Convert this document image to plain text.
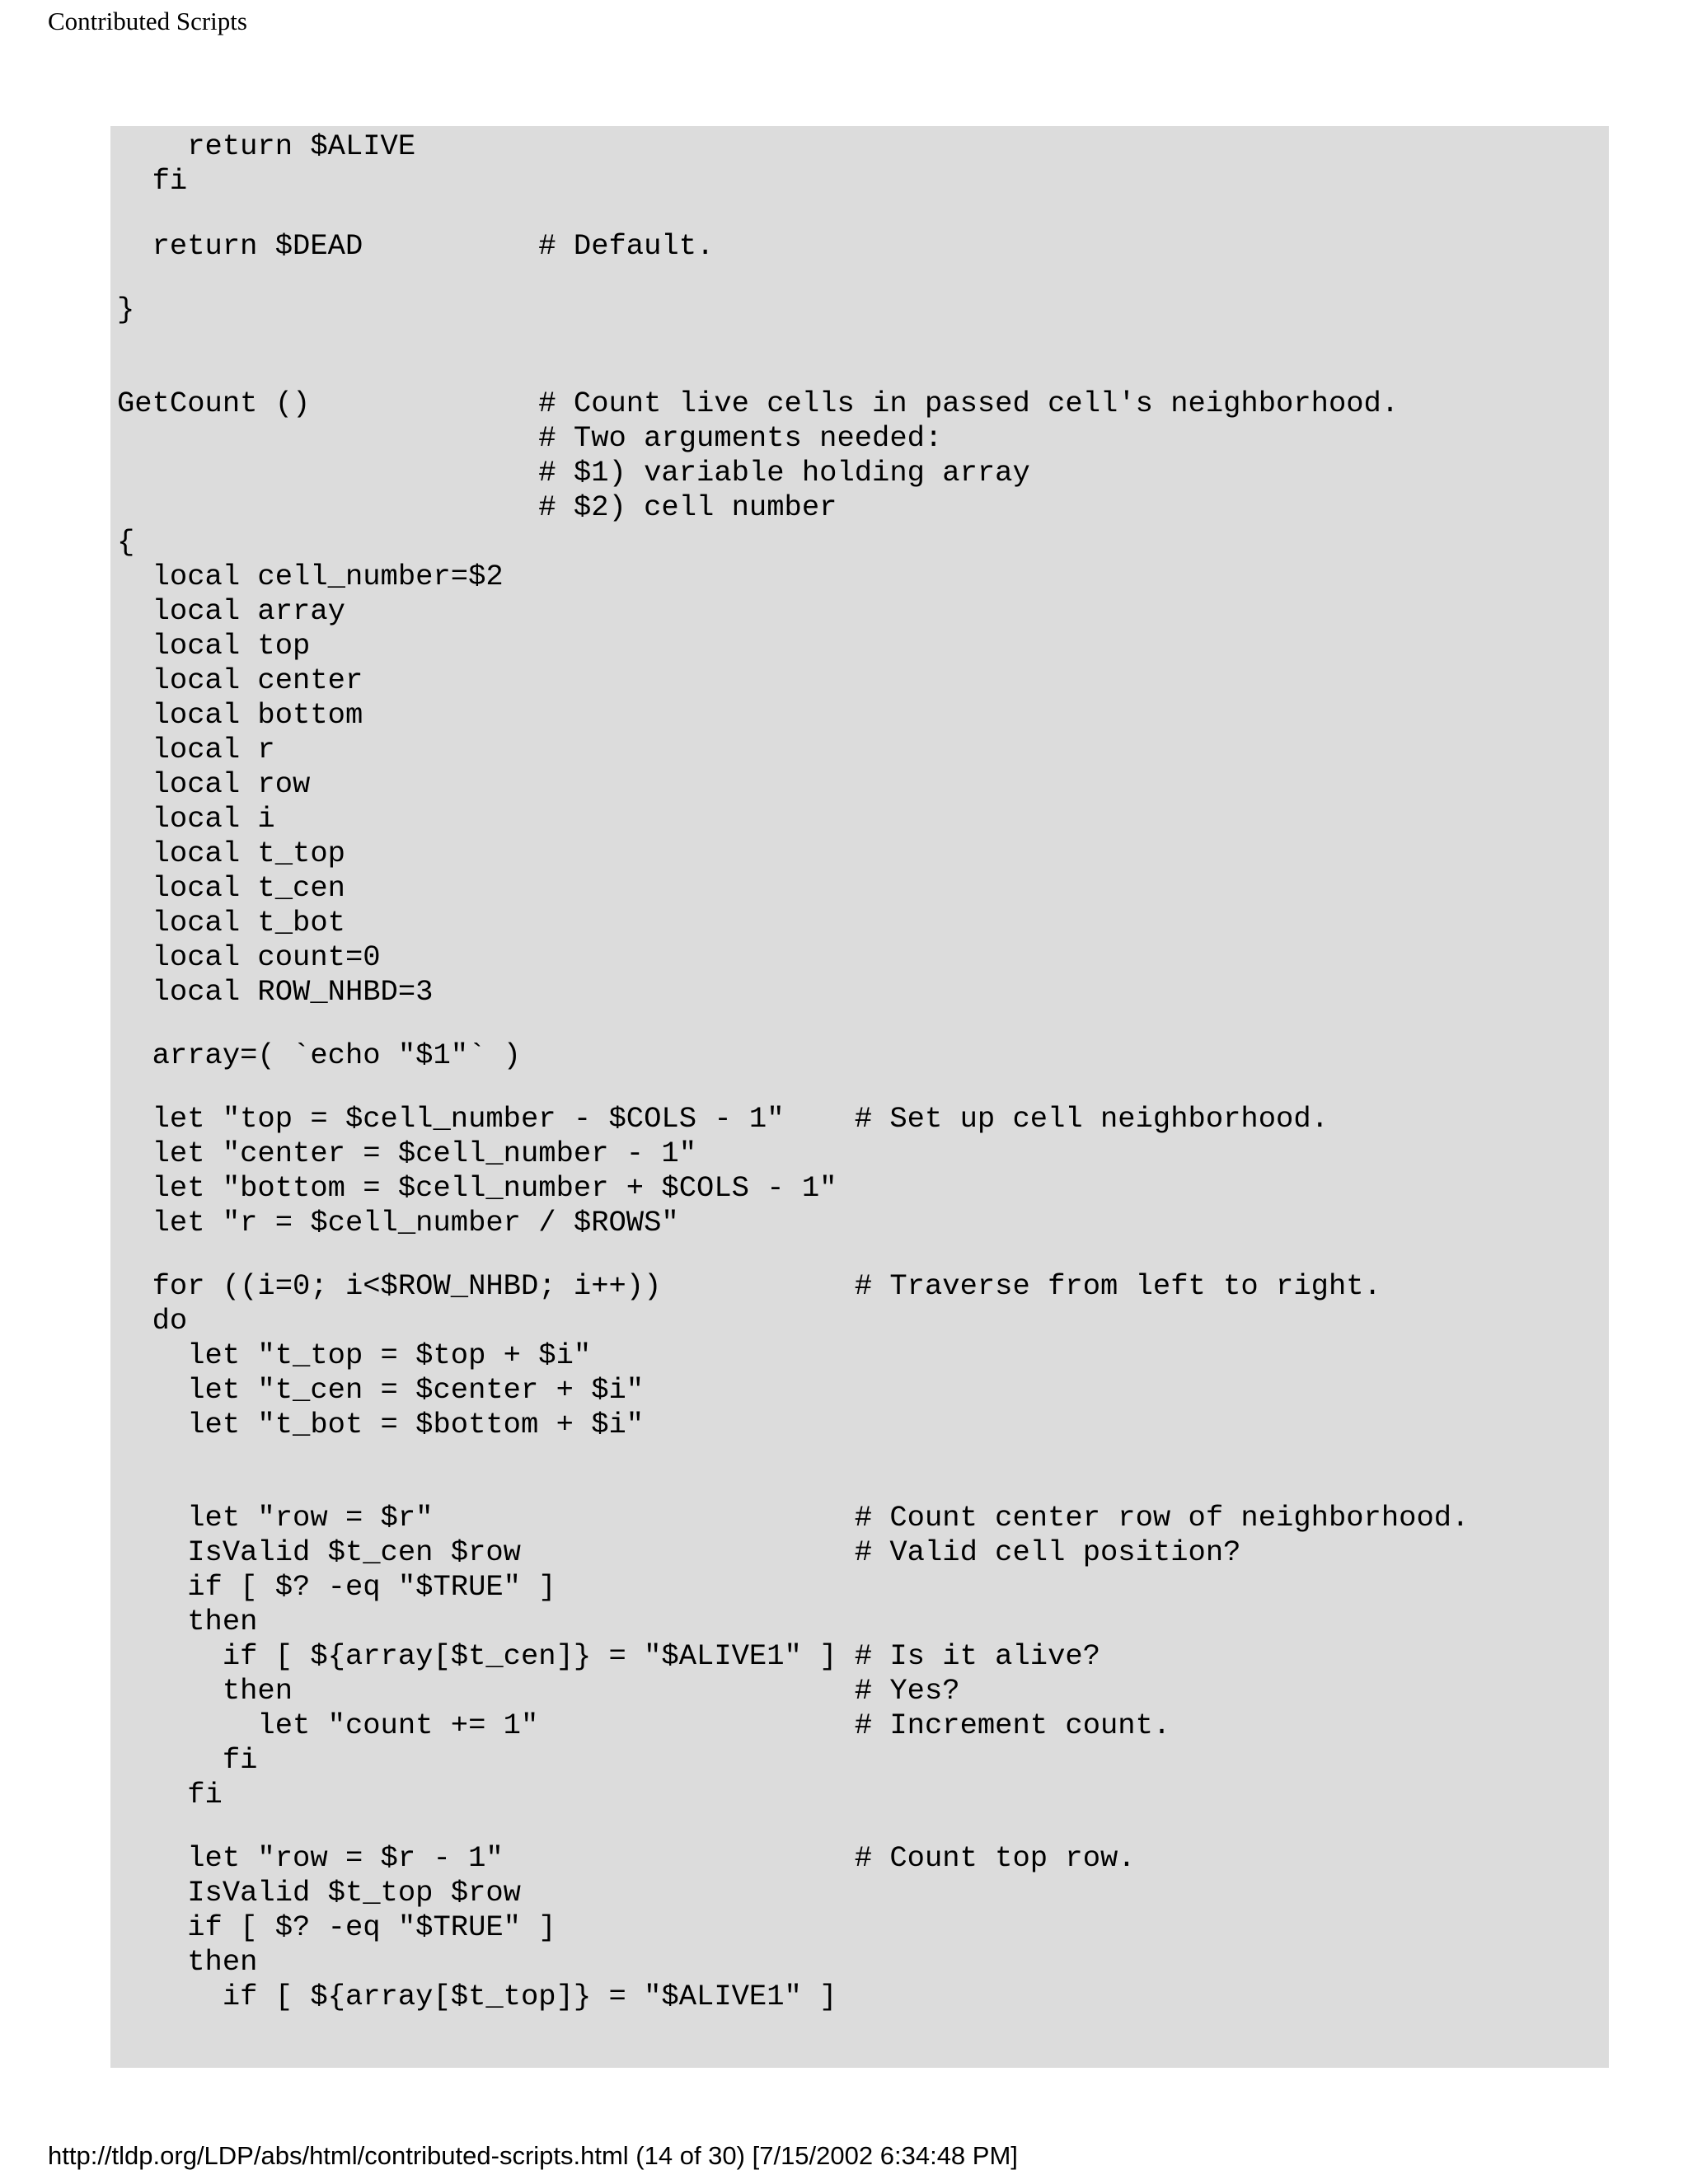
Contributed Scripts
return $ALIVE
fi
return $DEAD          # Default.
}
GetCount ()             # Count live cells in passed cell's neighborhood.
# Two arguments needed:
# $1) variable holding array
# $2) cell number
{
local cell_number=$2
local array
local top
local center
local bottom
local r
local row
local i
local t_top
local t_cen
local t_bot
local count=0
local ROW_NHBD=3
array=( `echo "$1"` )
let "top = $cell_number - $COLS - 1"    # Set up cell neighborhood.
let "center = $cell_number - 1"
let "bottom = $cell_number + $COLS - 1"
let "r = $cell_number / $ROWS"
for ((i=0; i<$ROW_NHBD; i++))           # Traverse from left to right.
do
let "t_top = $top + $i"
let "t_cen = $center + $i"
let "t_bot = $bottom + $i"
let "row = $r"                        # Count center row of neighborhood.
IsValid $t_cen $row                   # Valid cell position?
if [ $? -eq "$TRUE" ]
then
if [ ${array[$t_cen]} = "$ALIVE1" ] # Is it alive?
then                                # Yes?
let "count += 1"                  # Increment count.
fi
fi
let "row = $r - 1"                    # Count top row.
IsValid $t_top $row
if [ $? -eq "$TRUE" ]
then
if [ ${array[$t_top]} = "$ALIVE1" ]
http://tldp.org/LDP/abs/html/contributed-scripts.html (14 of 30) [7/15/2002 6:34:48 PM]
